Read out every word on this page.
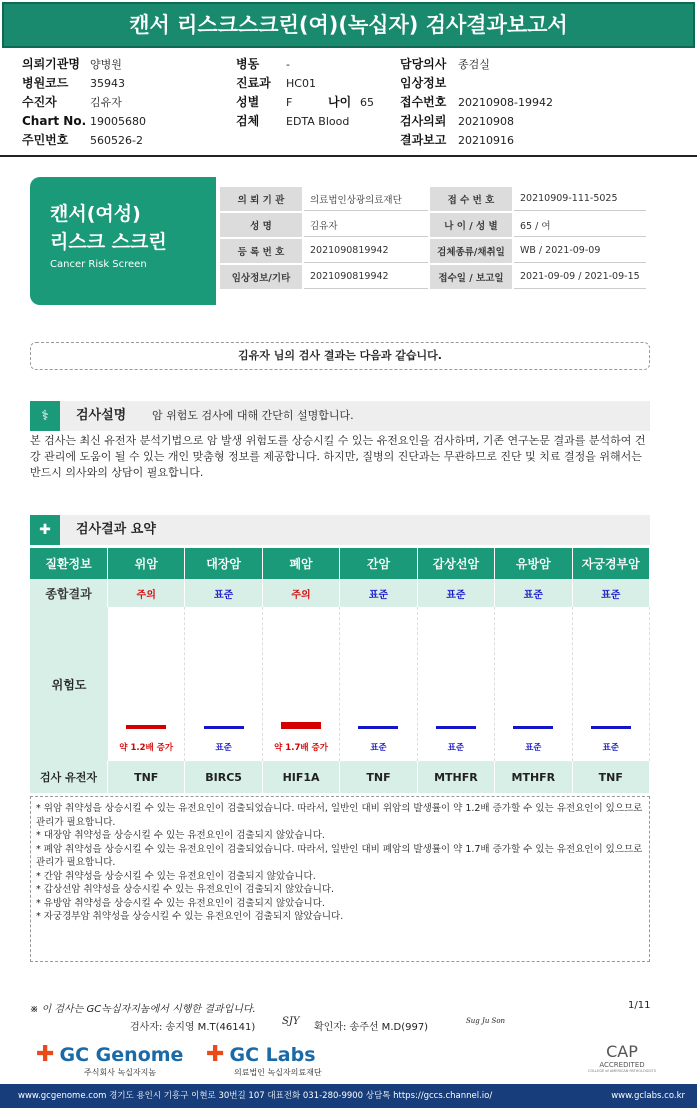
캔서 리스크스크린(여)(녹십자) 검사결과보고서
의뢰기관명 양병원
병원코드 35943
수진자	김유자
Chart No. 19005680
주민번호 560526-2
병동 -
진료과 HC01
성별 F	나이 65
검체 EDTA Blood
담당의사 종검실
임상정보
접수번호 20210908-19942
검사의뢰 20210908
결과보고 20210916
캔서(여성)
리스크 스크린
Cancer Risk Screen
의 뢰 기 관	의료법인상광의료재단	접 수 번 호	20210909-111-5025
성 명	김유자	나 이 / 성 별	65 / 여
등 록 번 호	2021090819942	검체종류/채취일	WB / 2021-09-09
임상정보/기타	2021090819942	접수일 / 보고일	2021-09-09 / 2021-09-15
김유자 님의 검사 결과는 다음과 같습니다.
⚕	검사설명 암 위험도 검사에 대해 간단히 설명합니다.
본 검사는 최신 유전자 분석기법으로 암 발생 위험도를 상승시킬 수 있는 유전요인을 검사하며, 기존 연구논문 결과를 분석하여 건강 관리에 도움이 될 수 있는 개인 맞춤형 정보를 제공합니다. 하지만, 질병의 진단과는 무관하므로 진단 및 치료 결정을 위해서는 반드시 의사와의 상담이 필요합니다.
✚	검사결과 요약
질환정보	위암	대장암	폐암	간암	갑상선암	유방암	자궁경부암
종합결과	주의	표준	주의	표준	표준	표준	표준
위험도	약 1.2배 증가	표준	약 1.7배 증가	표준	표준	표준	표준

검사 유전자	TNF	BIRC5	HIF1A	TNF	MTHFR	MTHFR	TNF
* 위암 취약성을 상승시킬 수 있는 유전요인이 검출되었습니다. 따라서, 일반인 대비 위암의 발생률이 약 1.2배 증가할 수 있는 유전요인이 있으므로 관리가 필요합니다.
* 대장암 취약성을 상승시킬 수 있는 유전요인이 검출되지 않았습니다.
* 폐암 취약성을 상승시킬 수 있는 유전요인이 검출되었습니다. 따라서, 일반인 대비 폐암의 발생률이 약 1.7배 증가할 수 있는 유전요인이 있으므로 관리가 필요합니다.
* 간암 취약성을 상승시킬 수 있는 유전요인이 검출되지 않았습니다.
* 갑상선암 취약성을 상승시킬 수 있는 유전요인이 검출되지 않았습니다.
* 유방암 취약성을 상승시킬 수 있는 유전요인이 검출되지 않았습니다.
* 자궁경부암 취약성을 상승시킬 수 있는 유전요인이 검출되지 않았습니다.
※ 이 검사는 GC녹십자지놈에서 시행한 결과입니다.	1/11
검사자: 송지영 M.T(46141)
SJY
확인자: 송주선 M.D(997)
Sug Ju Son
✚ GC Genome
주식회사 녹십자지놈
✚ GC Labs
의료법인 녹십자의료재단
CAP
ACCREDITED
COLLEGE of AMERICAN PATHOLOGISTS
www.gcgenome.com 경기도 용인시 기흥구 이현로 30번길 107 대표전화 031-280-9900 상담톡 https://gccs.channel.io/	www.gclabs.co.kr
